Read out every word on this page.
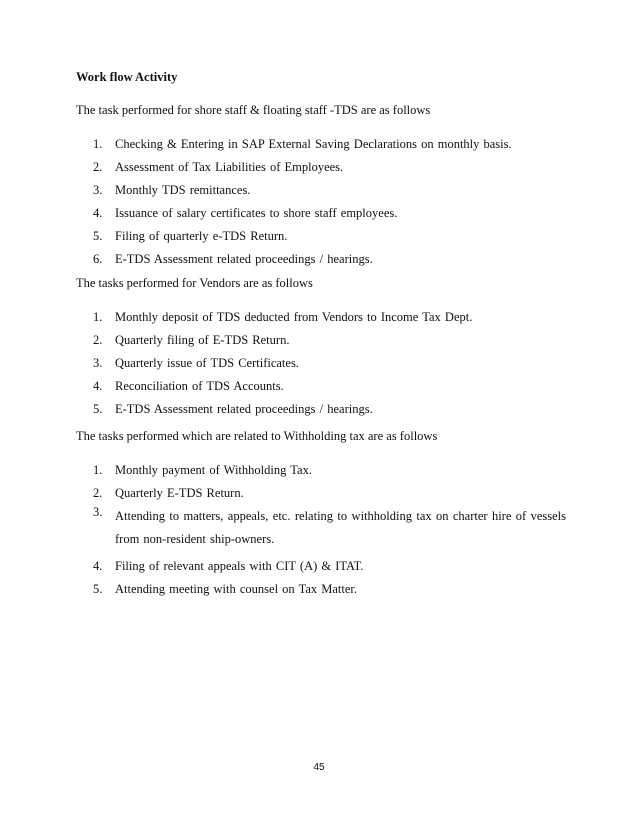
Work flow Activity
The task performed for shore staff & floating staff -TDS are as follows
1. Checking & Entering in SAP External Saving Declarations on monthly basis.
2. Assessment of Tax Liabilities of Employees.
3. Monthly TDS remittances.
4. Issuance of salary certificates to shore staff employees.
5. Filing of quarterly e-TDS Return.
6. E-TDS Assessment related proceedings / hearings.
The tasks performed for Vendors are as follows
1. Monthly deposit of TDS deducted from Vendors to Income Tax Dept.
2. Quarterly filing of E-TDS Return.
3. Quarterly issue of TDS Certificates.
4. Reconciliation of TDS Accounts.
5. E-TDS Assessment related proceedings / hearings.
The tasks performed which are related to Withholding tax are as follows
1. Monthly payment of Withholding Tax.
2. Quarterly E-TDS Return.
3. Attending to matters, appeals, etc. relating to withholding tax on charter hire of vessels from non-resident ship-owners.
4. Filing of relevant appeals with CIT (A) & ITAT.
5. Attending meeting with counsel on Tax Matter.
45
